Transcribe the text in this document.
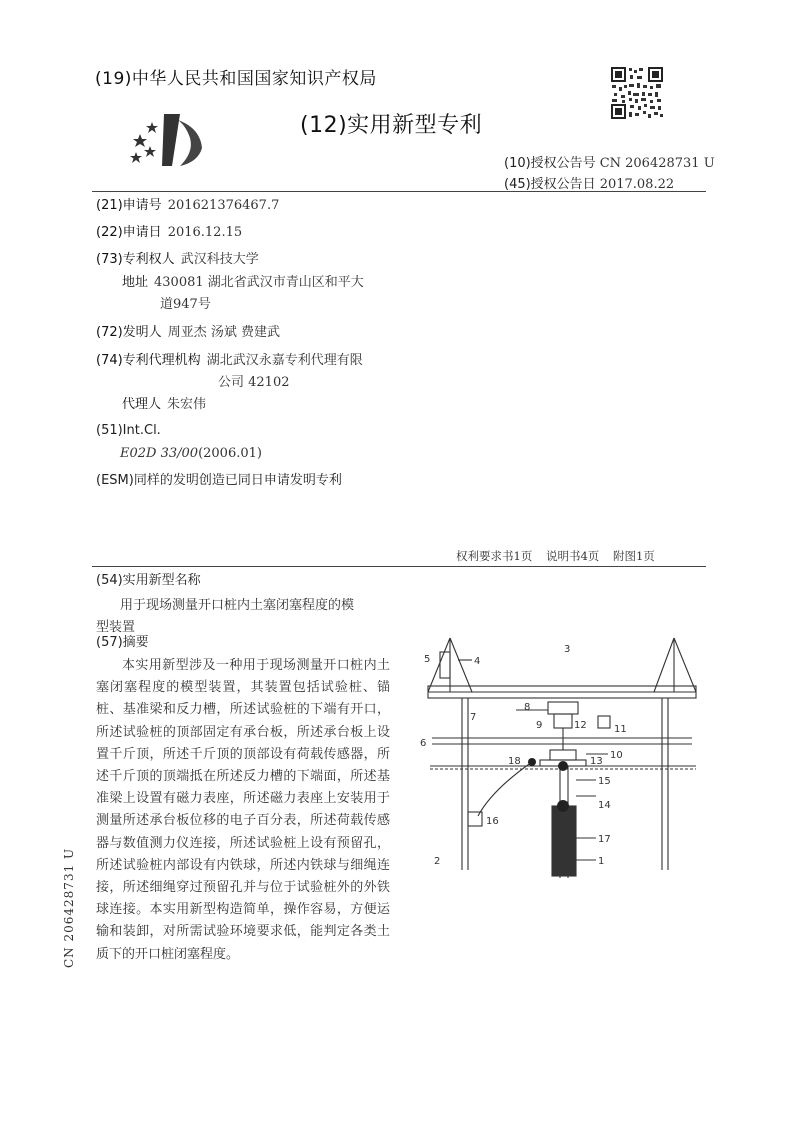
(19)中华人民共和国国家知识产权局
(12)实用新型专利
(10)授权公告号 CN 206428731 U
(45)授权公告日 2017.08.22
(21)申请号 201621376467.7
(22)申请日 2016.12.15
(73)专利权人 武汉科技大学
地址 430081 湖北省武汉市青山区和平大
道947号
(72)发明人 周亚杰 汤斌 费建武
(74)专利代理机构 湖北武汉永嘉专利代理有限
公司 42102
代理人 朱宏伟
(51)Int.Cl.
E02D 33/00(2006.01)
(ESM)同样的发明创造已同日申请发明专利
权利要求书1页 说明书4页 附图1页
(54)实用新型名称
用于现场测量开口桩内土塞闭塞程度的模
型装置
(57)摘要
本实用新型涉及一种用于现场测量开口桩内土塞闭塞程度的模型装置，其装置包括试验桩、锚桩、基准梁和反力槽，所述试验桩的下端有开口，所述试验桩的顶部固定有承台板，所述承台板上设置千斤顶，所述千斤顶的顶部设有荷载传感器，所述千斤顶的顶端抵在所述反力槽的下端面，所述基准梁上设置有磁力表座，所述磁力表座上安装用于测量所述承台板位移的电子百分表，所述荷载传感器与数值测力仪连接，所述试验桩上设有预留孔，所述试验桩内部设有内铁球，所述内铁球与细绳连接，所述细绳穿过预留孔并与位于试验桩外的外铁球连接。本实用新型构造简单，操作容易，方便运输和装卸，对所需试验环境要求低，能判定各类土质下的开口桩闭塞程度。
CN 206428731 U
5	4
3
7
8
9	12	11
6
10
18	13
15
14
16
17
2	1
